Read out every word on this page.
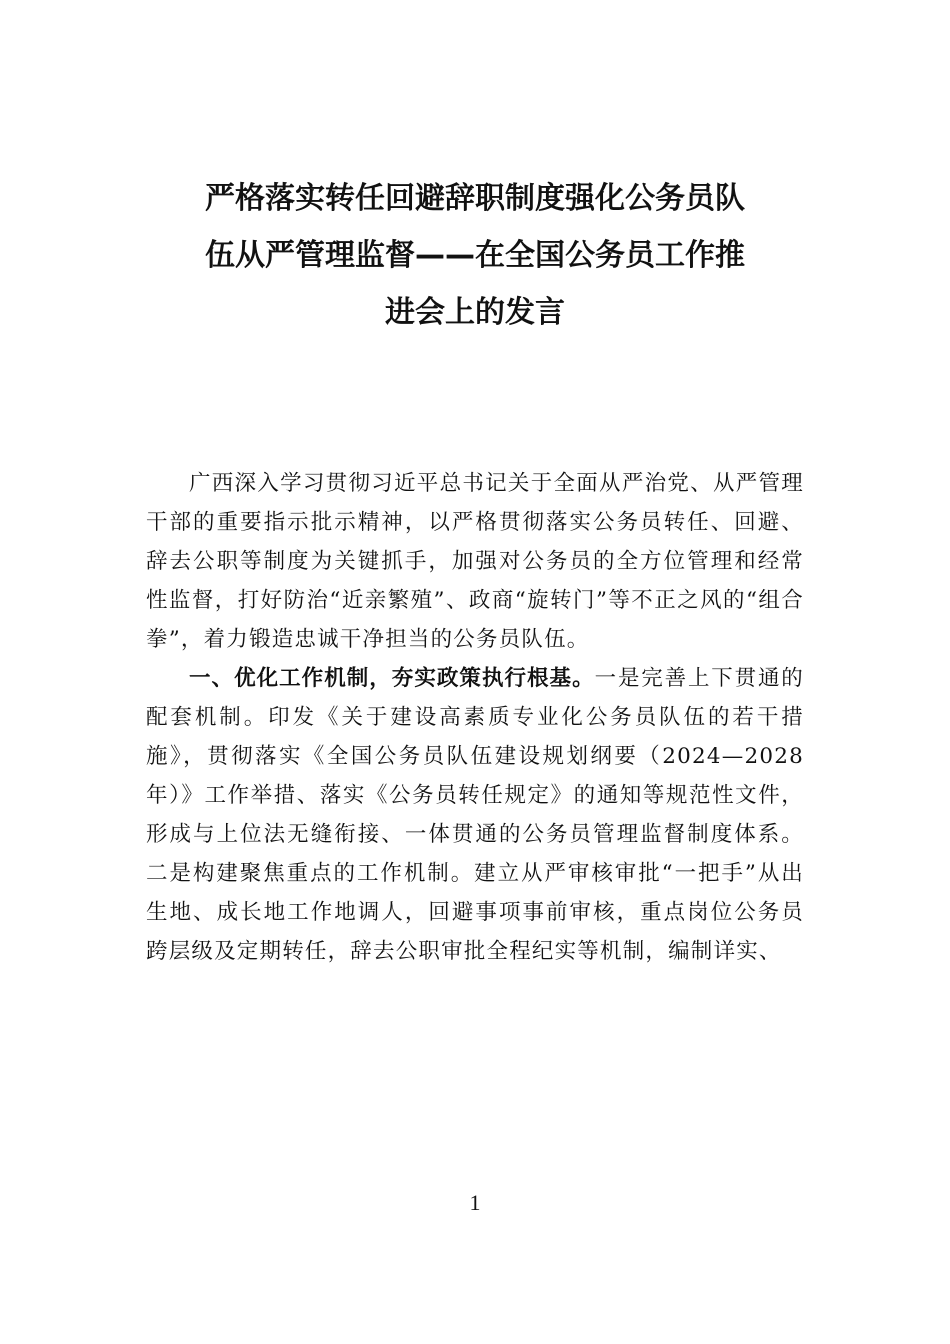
严格落实转任回避辞职制度强化公务员队
伍从严管理监督——在全国公务员工作推
进会上的发言

广西深入学习贯彻习近平总书记关于全面从严治党、从严管理干部的重要指示批示精神，以严格贯彻落实公务员转任、回避、辞去公职等制度为关键抓手，加强对公务员的全方位管理和经常性监督，打好防治“近亲繁殖”、政商“旋转门”等不正之风的“组合拳”，着力锻造忠诚干净担当的公务员队伍。

一、优化工作机制，夯实政策执行根基。一是完善上下贯通的配套机制。印发《关于建设高素质专业化公务员队伍的若干措施》，贯彻落实《全国公务员队伍建设规划纲要（2024—2028年）》工作举措、落实《公务员转任规定》的通知等规范性文件，形成与上位法无缝衔接、一体贯通的公务员管理监督制度体系。二是构建聚焦重点的工作机制。建立从严审核审批“一把手”从出生地、成长地工作地调人，回避事项事前审核，重点岗位公务员跨层级及定期转任，辞去公职审批全程纪实等机制，编制详实、

1
